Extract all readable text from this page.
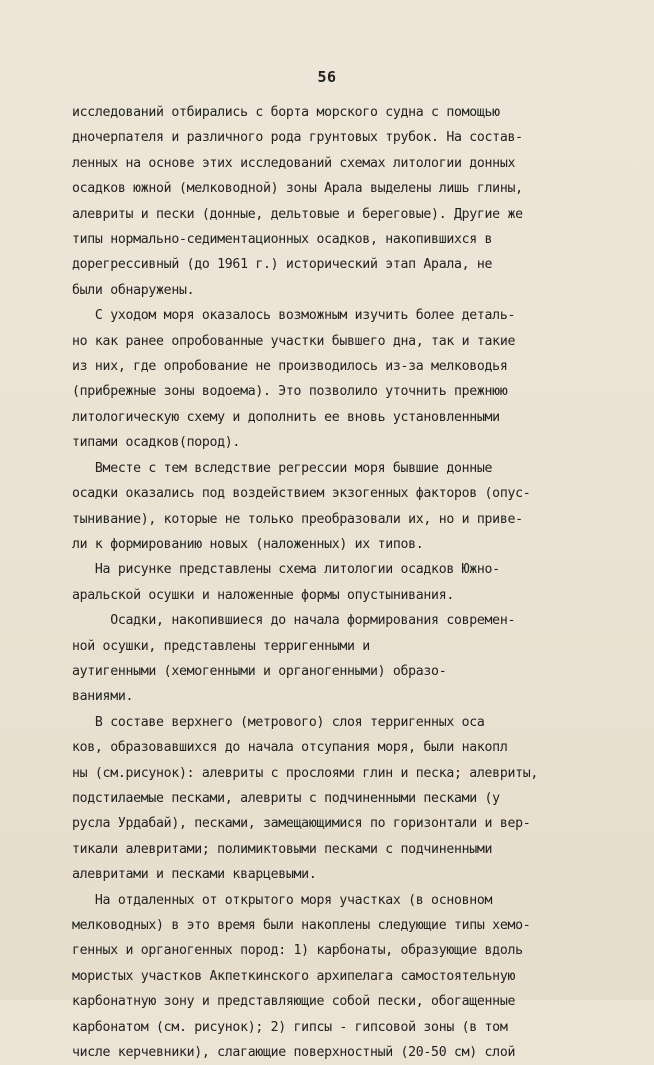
56
исследований отбирались с борта морского судна с помощью
дночерпателя и различного рода грунтовых трубок. На состав-
ленных на основе этих исследований схемах литологии донных
осадков южной (мелководной) зоны Арала выделены лишь глины,
алевриты и пески (донные, дельтовые и береговые). Другие же
типы нормально-седиментационных осадков, накопившихся в
дорегрессивный (до 1961 г.) исторический этап Арала, не
были обнаружены.
С уходом моря оказалось возможным изучить более деталь-
но как ранее опробованные участки бывшего дна, так и такие
из них, где опробование не производилось из-за мелководья
(прибрежные зоны водоема). Это позволило уточнить прежнюю
литологическую схему и дополнить ее вновь установленными
типами осадков(пород).
Вместе с тем вследствие регрессии моря бывшие донные
осадки оказались под воздействием экзогенных факторов (опус-
тынивание), которые не только преобразовали их, но и приве-
ли к формированию новых (наложенных) их типов.
На рисунке представлены схема литологии осадков Южно-
аральской осушки и наложенные формы опустынивания.
Осадки, накопившиеся до начала формирования современ-
ной осушки, представлены терригенными и
аутигенными (хемогенными и органогенными) образо-
ваниями.
В составе верхнего (метрового) слоя терригенных оса
ков, образовавшихся до начала отсупания моря, были накопл
ны (см.рисунок): алевриты с прослоями глин и песка; алевриты,
подстилаемые песками, алевриты с подчиненными песками (у
русла Урдабай), песками, замещающимися по горизонтали и вер-
тикали алевритами; полимиктовыми песками с подчиненными
алевритами и песками кварцевыми.
На отдаленных от открытого моря участках (в основном
мелководных) в это время были накоплены следующие типы хемо-
генных и органогенных пород: 1) карбонаты, образующие вдоль
мористых участков Акпеткинского архипелага самостоятельную
карбонатную зону и представляющие собой пески, обогащенные
карбонатом (см. рисунок); 2) гипсы - гипсовой зоны (в том
числе керчевники), слагающие поверхностный (20-50 см) слой
